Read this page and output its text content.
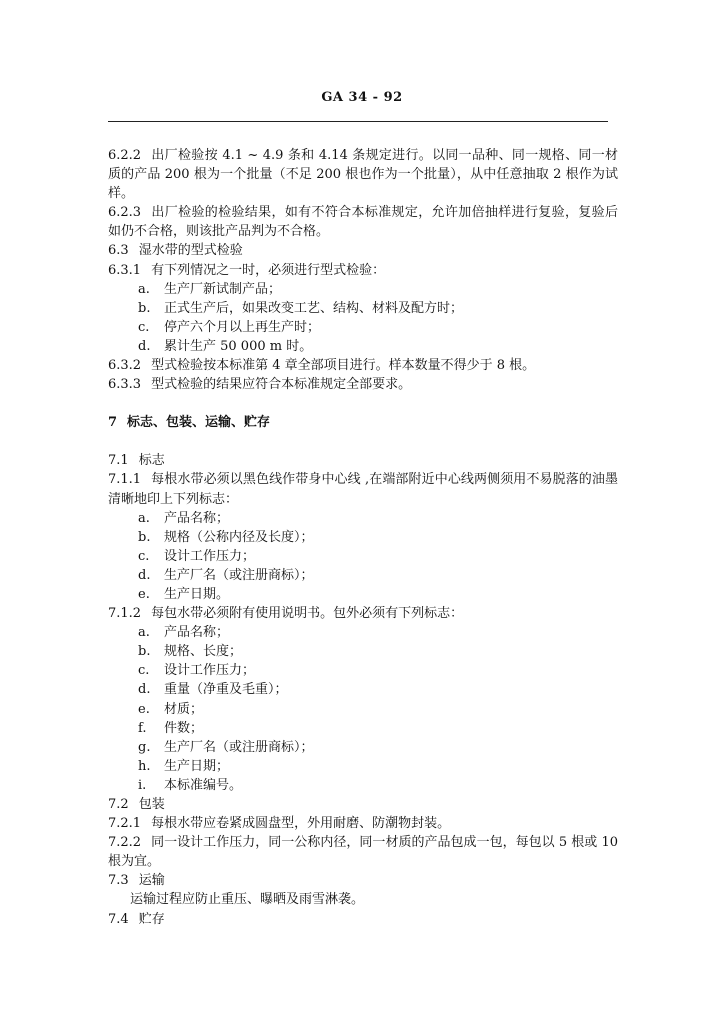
GA 34 - 92
6.2.2 出厂检验按 4.1 ~ 4.9 条和 4.14 条规定进行。以同一品种、同一规格、同一材质的产品 200 根为一个批量（不足 200 根也作为一个批量），从中任意抽取 2 根作为试样。
6.2.3 出厂检验的检验结果，如有不符合本标准规定，允许加倍抽样进行复验，复验后如仍不合格，则该批产品判为不合格。
6.3 湿水带的型式检验
6.3.1 有下列情况之一时，必须进行型式检验：
a. 生产厂新试制产品；
b. 正式生产后，如果改变工艺、结构、材料及配方时；
c. 停产六个月以上再生产时；
d. 累计生产 50 000 m 时。
6.3.2 型式检验按本标准第 4 章全部项目进行。样本数量不得少于 8 根。
6.3.3 型式检验的结果应符合本标准规定全部要求。
7 标志、包装、运输、贮存
7.1 标志
7.1.1 每根水带必须以黑色线作带身中心线 ,在端部附近中心线两侧须用不易脱落的油墨清晰地印上下列标志：
a. 产品名称；
b. 规格（公称内径及长度）；
c. 设计工作压力；
d. 生产厂名（或注册商标）；
e. 生产日期。
7.1.2 每包水带必须附有使用说明书。包外必须有下列标志：
a. 产品名称；
b. 规格、长度；
c. 设计工作压力；
d. 重量（净重及毛重）；
e. 材质；
f. 件数；
g. 生产厂名（或注册商标）；
h. 生产日期；
i. 本标准编号。
7.2 包装
7.2.1 每根水带应卷紧成圆盘型，外用耐磨、防潮物封装。
7.2.2 同一设计工作压力，同一公称内径，同一材质的产品包成一包，每包以 5 根或 10 根为宜。
7.3 运输
运输过程应防止重压、曝晒及雨雪淋袭。
7.4 贮存
